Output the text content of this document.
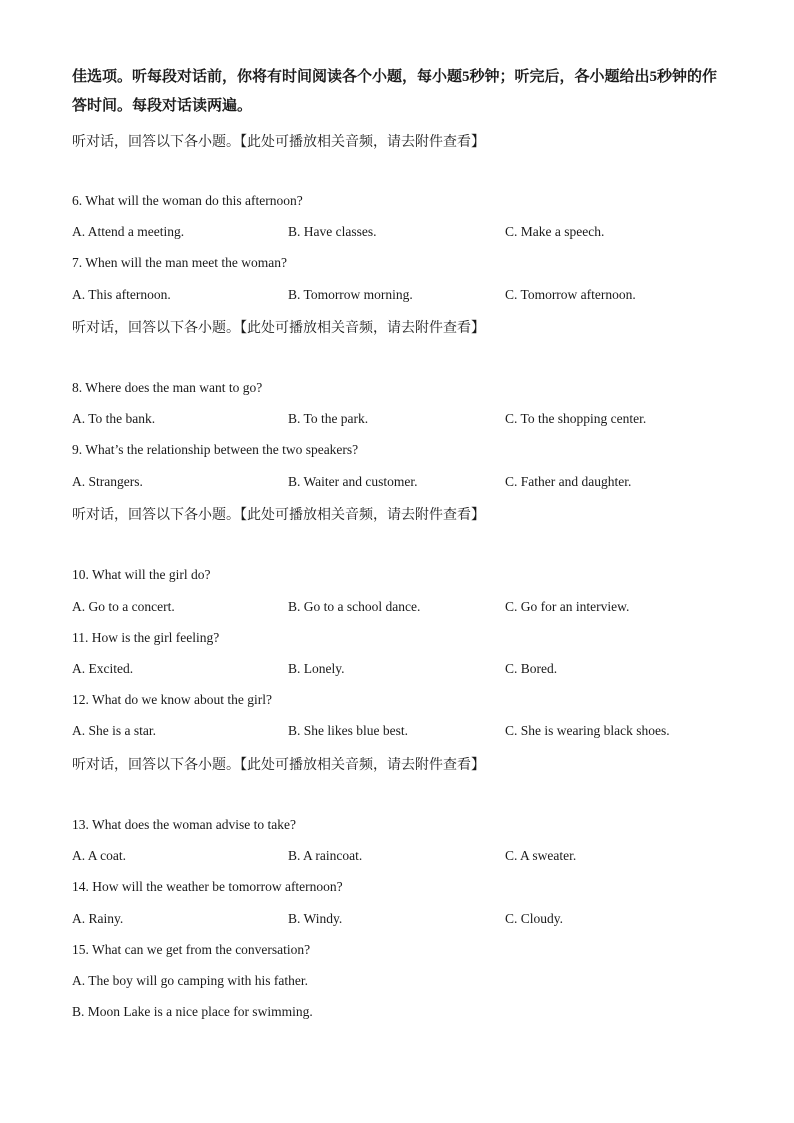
佳选项。听每段对话前，你将有时间阅读各个小题，每小题5秒钟；听完后，各小题给出5秒钟的作答时间。每段对话读两遍。
听对话，回答以下各小题。【此处可播放相关音频，请去附件查看】
6. What will the woman do this afternoon?
A. Attend a meeting.	B. Have classes.	C. Make a speech.
7. When will the man meet the woman?
A. This afternoon.	B. Tomorrow morning.	C. Tomorrow afternoon.
听对话，回答以下各小题。【此处可播放相关音频，请去附件查看】
8. Where does the man want to go?
A. To the bank.	B. To the park.	C. To the shopping center.
9. What’s the relationship between the two speakers?
A. Strangers.	B. Waiter and customer.	C. Father and daughter.
听对话，回答以下各小题。【此处可播放相关音频，请去附件查看】
10. What will the girl do?
A. Go to a concert.	B. Go to a school dance.	C. Go for an interview.
11. How is the girl feeling?
A. Excited.	B. Lonely.	C. Bored.
12. What do we know about the girl?
A. She is a star.	B. She likes blue best.	C. She is wearing black shoes.
听对话，回答以下各小题。【此处可播放相关音频，请去附件查看】
13. What does the woman advise to take?
A. A coat.	B. A raincoat.	C. A sweater.
14. How will the weather be tomorrow afternoon?
A. Rainy.	B. Windy.	C. Cloudy.
15. What can we get from the conversation?
A. The boy will go camping with his father.
B. Moon Lake is a nice place for swimming.
